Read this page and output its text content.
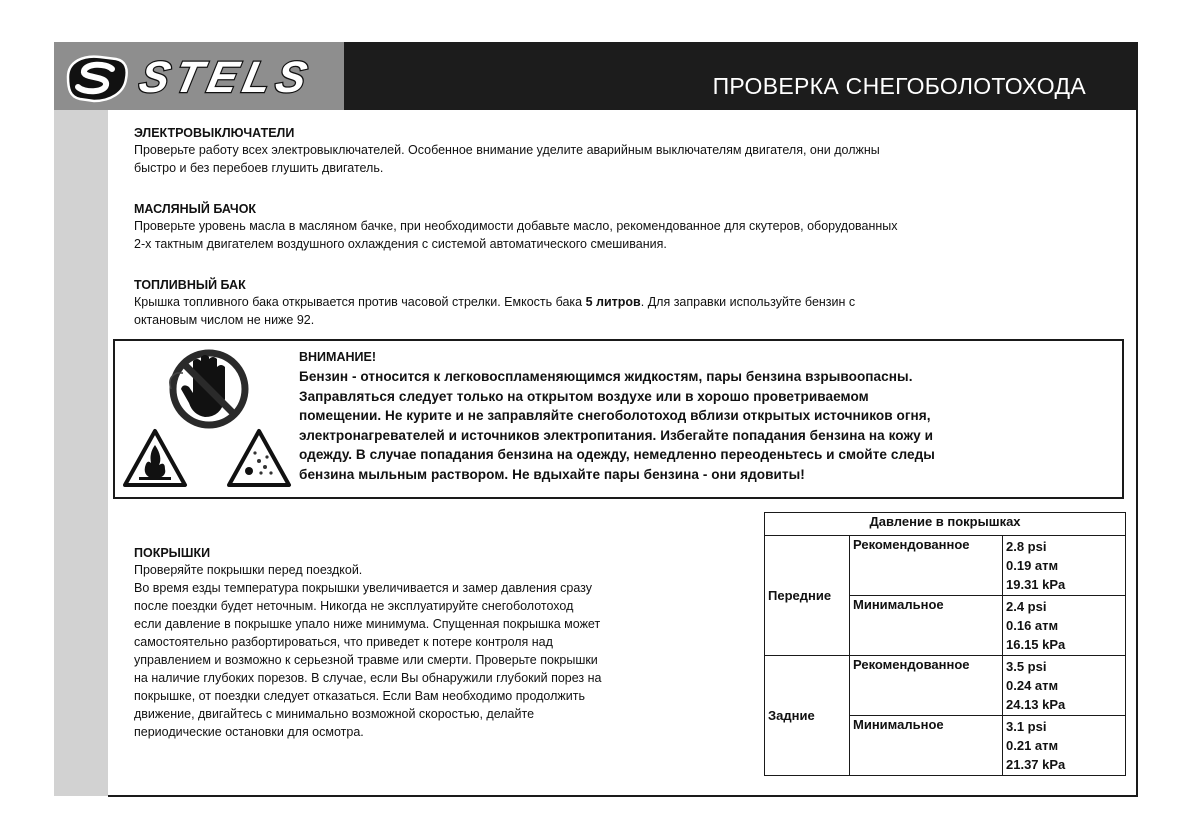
STELS	ПРОВЕРКА СНЕГОБОЛОТОХОДА

ЭЛЕКТРОВЫКЛЮЧАТЕЛИ

Проверьте работу всех электровыключателей. Особенное внимание уделите аварийным выключателям двигателя, они должны

быстро и без перебоев глушить двигатель.

МАСЛЯНЫЙ БАЧОК

Проверьте уровень масла в масляном бачке, при необходимости добавьте масло, рекомендованное для скутеров, оборудованных

2-х тактным двигателем воздушного охлаждения с системой автоматического смешивания.

ТОПЛИВНЫЙ БАК

Крышка топливного бака открывается против часовой стрелки. Емкость бака 5 литров. Для заправки используйте бензин с

октановым числом не ниже 92.

ВНИМАНИЕ!

Бензин - относится к легковоспламеняющимся жидкостям, пары бензина взрывоопасны.

Заправляться следует только на открытом воздухе или в хорошо проветриваемом

помещении. Не курите и не заправляйте снегоболотоход вблизи открытых источников огня,

электронагревателей и источников электропитания. Избегайте попадания бензина на кожу и

одежду. В случае попадания бензина на одежду, немедленно переоденьтесь и смойте следы

бензина мыльным раствором. Не вдыхайте пары бензина - они ядовиты!

ПОКРЫШКИ

Проверяйте покрышки перед поездкой.

Во время езды температура покрышки увеличивается и замер давления сразу

после поездки будет неточным. Никогда не эксплуатируйте снегоболотоход

если давление в покрышке упало ниже минимума. Спущенная покрышка может

самостоятельно разбортироваться, что приведет к потере контроля над

управлением и возможно к серьезной травме или смерти. Проверьте покрышки

на наличие глубоких порезов. В случае, если Вы обнаружили глубокий порез на

покрышке, от поездки следует отказаться. Если Вам необходимо продолжить

движение, двигайтесь с минимально возможной скоростью, делайте

периодические остановки для осмотра.

Давление в покрышках		
Передние	Рекомендованное	2.8 psi
0.19 атм
19.31 kPa

	Минимальное	2.4 psi
0.16 атм
16.15 kPa

Задние	Рекомендованное	3.5 psi
0.24 атм
24.13 kPa

	Минимальное	3.1 psi
0.21 атм
21.37 kPa
